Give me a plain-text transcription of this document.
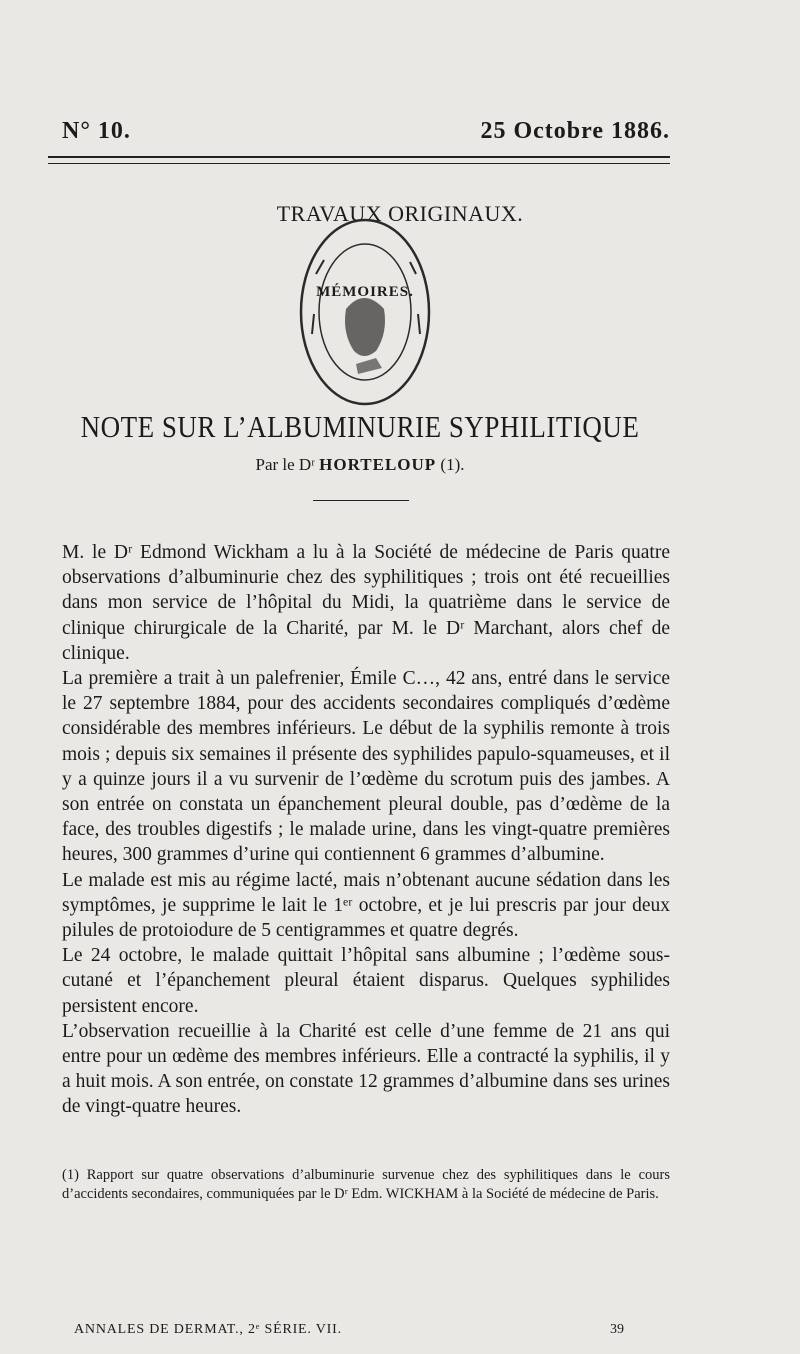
N° 10.	25 Octobre 1886.
TRAVAUX ORIGINAUX.
MÉMOIRES.
NOTE SUR L’ALBUMINURIE SYPHILITIQUE
Par le Dʳ HORTELOUP (1).

M. le Dʳ Edmond Wickham a lu à la Société de médecine de Paris quatre observations d’albuminurie chez des syphilitiques ; trois ont été recueillies dans mon service de l’hôpital du Midi, la quatrième dans le service de clinique chirurgicale de la Charité, par M. le Dʳ Marchant, alors chef de clinique.

La première a trait à un palefrenier, Émile C…, 42 ans, entré dans le service le 27 septembre 1884, pour des accidents secondaires compliqués d’œdème considérable des membres inférieurs. Le début de la syphilis remonte à trois mois ; depuis six semaines il présente des syphilides papulo-squameuses, et il y a quinze jours il a vu survenir de l’œdème du scrotum puis des jambes. A son entrée on constata un épanchement pleural double, pas d’œdème de la face, des troubles digestifs ; le malade urine, dans les vingt-quatre premières heures, 300 grammes d’urine qui contiennent 6 grammes d’albumine.

Le malade est mis au régime lacté, mais n’obtenant aucune sédation dans les symptômes, je supprime le lait le 1ᵉʳ octobre, et je lui prescris par jour deux pilules de protoiodure de 5 centigrammes et quatre degrés.

Le 24 octobre, le malade quittait l’hôpital sans albumine ; l’œdème sous-cutané et l’épanchement pleural étaient disparus. Quelques syphilides persistent encore.

L’observation recueillie à la Charité est celle d’une femme de 21 ans qui entre pour un œdème des membres inférieurs. Elle a contracté la syphilis, il y a huit mois. A son entrée, on constate 12 grammes d’albumine dans ses urines de vingt-quatre heures.

(1) Rapport sur quatre observations d’albuminurie survenue chez des syphilitiques dans le cours d’accidents secondaires, communiquées par le Dʳ Edm. WICKHAM à la Société de médecine de Paris.
ANNALES DE DERMAT., 2ᵉ SÉRIE. VII.	39
